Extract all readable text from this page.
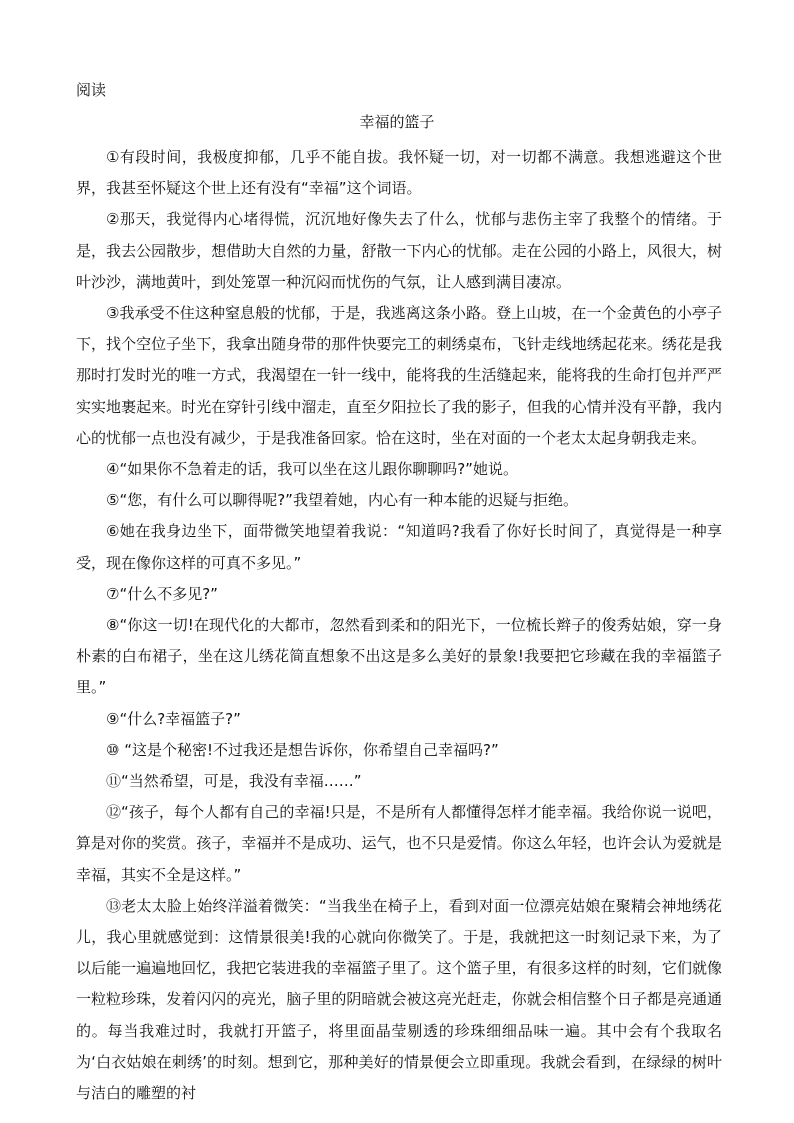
阅读
幸福的篮子

①有段时间，我极度抑郁，几乎不能自拔。我怀疑一切，对一切都不满意。我想逃避这个世界，我甚至怀疑这个世上还有没有“幸福”这个词语。

②那天，我觉得内心堵得慌，沉沉地好像失去了什么，忧郁与悲伤主宰了我整个的情绪。于是，我去公园散步，想借助大自然的力量，舒散一下内心的忧郁。走在公园的小路上，风很大，树叶沙沙，满地黄叶，到处笼罩一种沉闷而忧伤的气氛，让人感到满目凄凉。

③我承受不住这种窒息般的忧郁，于是，我逃离这条小路。登上山坡，在一个金黄色的小亭子下，找个空位子坐下，我拿出随身带的那件快要完工的刺绣桌布，飞针走线地绣起花来。绣花是我那时打发时光的唯一方式，我渴望在一针一线中，能将我的生活缝起来，能将我的生命打包并严严实实地裹起来。时光在穿针引线中溜走，直至夕阳拉长了我的影子，但我的心情并没有平静，我内心的忧郁一点也没有减少，于是我准备回家。恰在这时，坐在对面的一个老太太起身朝我走来。

④“如果你不急着走的话，我可以坐在这儿跟你聊聊吗?”她说。

⑤“您，有什么可以聊得呢?”我望着她，内心有一种本能的迟疑与拒绝。

⑥她在我身边坐下，面带微笑地望着我说：“知道吗?我看了你好长时间了，真觉得是一种享受，现在像你这样的可真不多见。”

⑦“什么不多见?”

⑧“你这一切!在现代化的大都市，忽然看到柔和的阳光下，一位梳长辫子的俊秀姑娘，穿一身朴素的白布裙子，坐在这儿绣花简直想象不出这是多么美好的景象!我要把它珍藏在我的幸福篮子里。”

⑨“什么?幸福篮子?”

⑩ “这是个秘密!不过我还是想告诉你，你希望自己幸福吗?”

⑪“当然希望，可是，我没有幸福……”

⑫“孩子，每个人都有自己的幸福!只是，不是所有人都懂得怎样才能幸福。我给你说一说吧，算是对你的奖赏。孩子，幸福并不是成功、运气，也不只是爱情。你这么年轻，也许会认为爱就是幸福，其实不全是这样。”

⑬老太太脸上始终洋溢着微笑：“当我坐在椅子上，看到对面一位漂亮姑娘在聚精会神地绣花儿，我心里就感觉到：这情景很美!我的心就向你微笑了。于是，我就把这一时刻记录下来，为了以后能一遍遍地回忆，我把它装进我的幸福篮子里了。这个篮子里，有很多这样的时刻，它们就像一粒粒珍珠，发着闪闪的亮光，脑子里的阴暗就会被这亮光赶走，你就会相信整个日子都是亮通通的。每当我难过时，我就打开篮子，将里面晶莹剔透的珍珠细细品味一遍。其中会有个我取名为‘白衣姑娘在刺绣’的时刻。想到它，那种美好的情景便会立即重现。我就会看到，在绿绿的树叶与洁白的雕塑的衬
